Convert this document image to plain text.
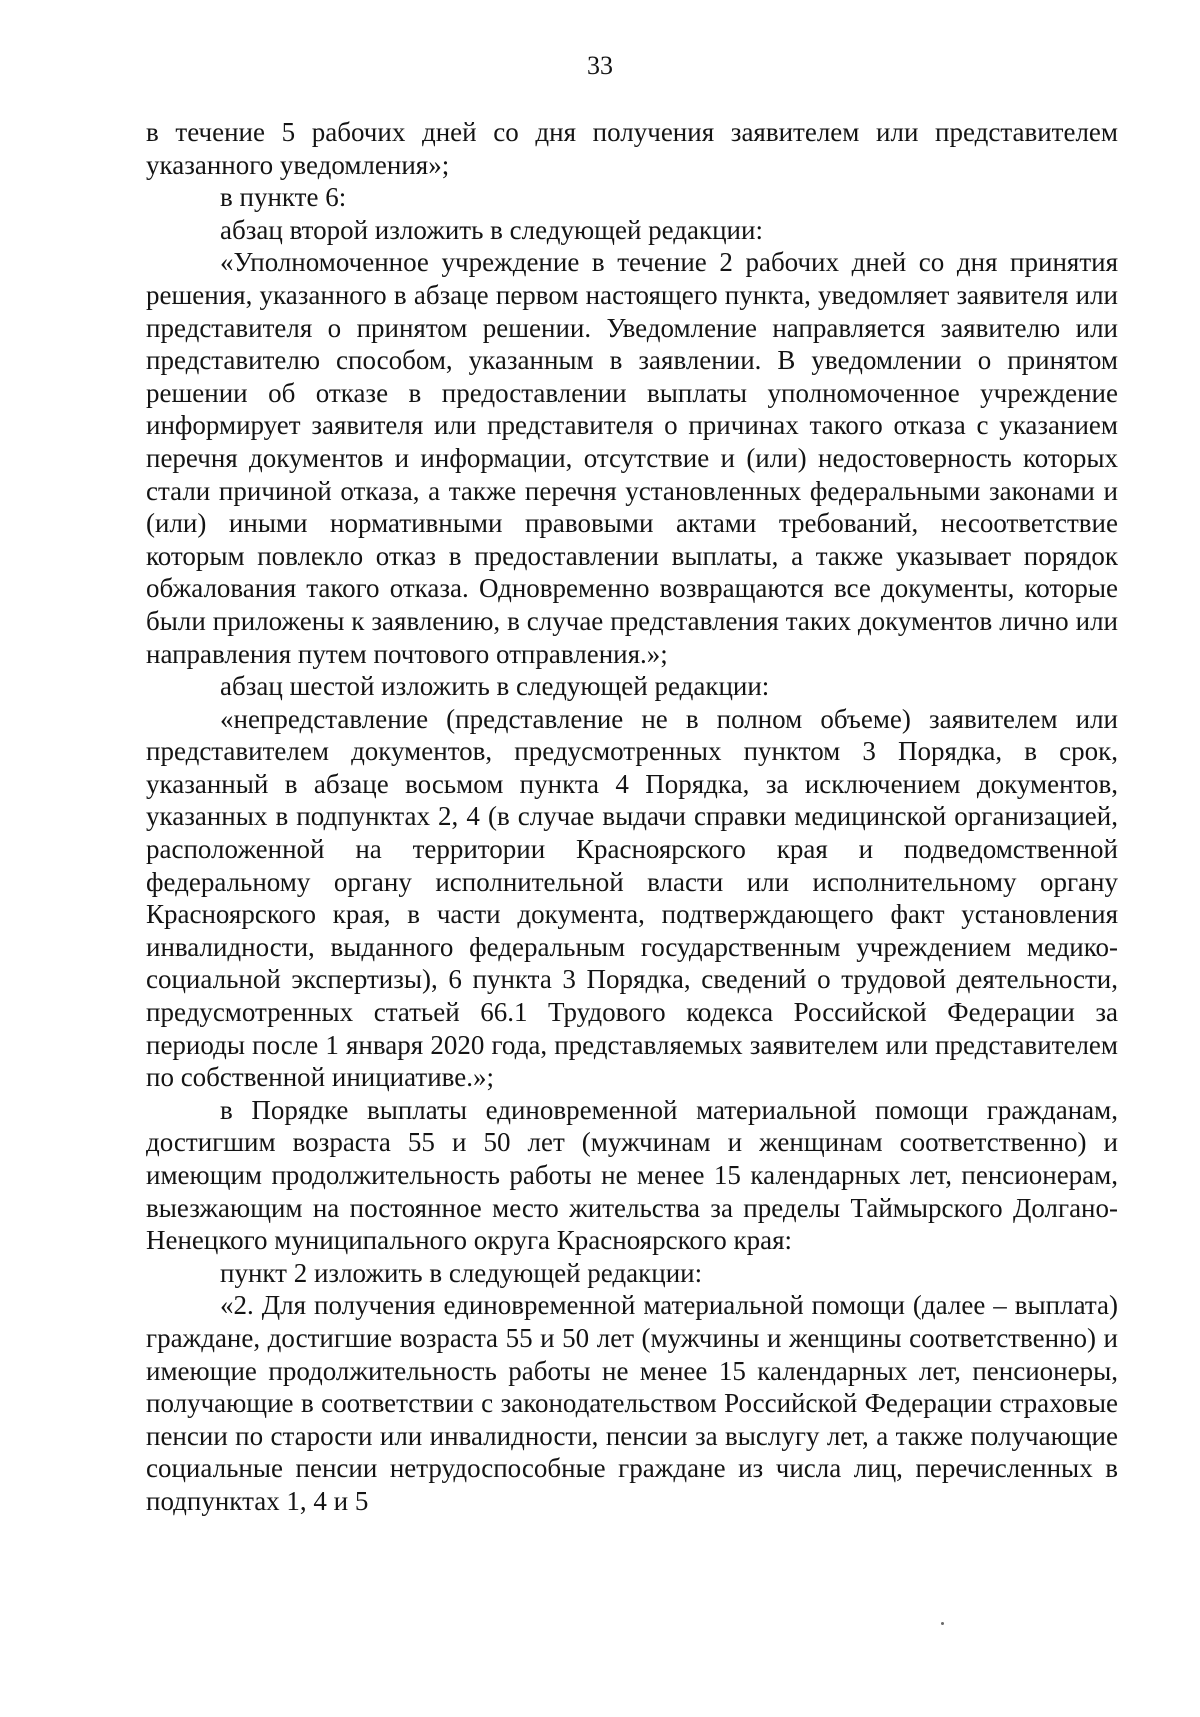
33

в течение 5 рабочих дней со дня получения заявителем или представителем указанного уведомления»;

в пункте 6:

абзац второй изложить в следующей редакции:

«Уполномоченное учреждение в течение 2 рабочих дней со дня принятия решения, указанного в абзаце первом настоящего пункта, уведомляет заявителя или представителя о принятом решении. Уведомление направляется заявителю или представителю способом, указанным в заявлении. В уведомлении о принятом решении об отказе в предоставлении выплаты уполномоченное учреждение информирует заявителя или представителя о причинах такого отказа с указанием перечня документов и информации, отсутствие и (или) недостоверность которых стали причиной отказа, а также перечня установленных федеральными законами и (или) иными нормативными правовыми актами требований, несоответствие которым повлекло отказ в предоставлении выплаты, а также указывает порядок обжалования такого отказа. Одновременно возвращаются все документы, которые были приложены к заявлению, в случае представления таких документов лично или направления путем почтового отправления.»;

абзац шестой изложить в следующей редакции:

«непредставление (представление не в полном объеме) заявителем или представителем документов, предусмотренных пунктом 3 Порядка, в срок, указанный в абзаце восьмом пункта 4 Порядка, за исключением документов, указанных в подпунктах 2, 4 (в случае выдачи справки медицинской организацией, расположенной на территории Красноярского края и подведомственной федеральному органу исполнительной власти или исполнительному органу Красноярского края, в части документа, подтверждающего факт установления инвалидности, выданного федеральным государственным учреждением медико-социальной экспертизы), 6 пункта 3 Порядка, сведений о трудовой деятельности, предусмотренных статьей 66.1 Трудового кодекса Российской Федерации за периоды после 1 января 2020 года, представляемых заявителем или представителем по собственной инициативе.»;

в Порядке выплаты единовременной материальной помощи гражданам, достигшим возраста 55 и 50 лет (мужчинам и женщинам соответственно) и имеющим продолжительность работы не менее 15 календарных лет, пенсионерам, выезжающим на постоянное место жительства за пределы Таймырского Долгано-Ненецкого муниципального округа Красноярского края:

пункт 2 изложить в следующей редакции:

«2. Для получения единовременной материальной помощи (далее – выплата) граждане, достигшие возраста 55 и 50 лет (мужчины и женщины соответственно) и имеющие продолжительность работы не менее 15 календарных лет, пенсионеры, получающие в соответствии с законодательством Российской Федерации страховые пенсии по старости или инвалидности, пенсии за выслугу лет, а также получающие социальные пенсии нетрудоспособные граждане из числа лиц, перечисленных в подпунктах 1, 4 и 5
